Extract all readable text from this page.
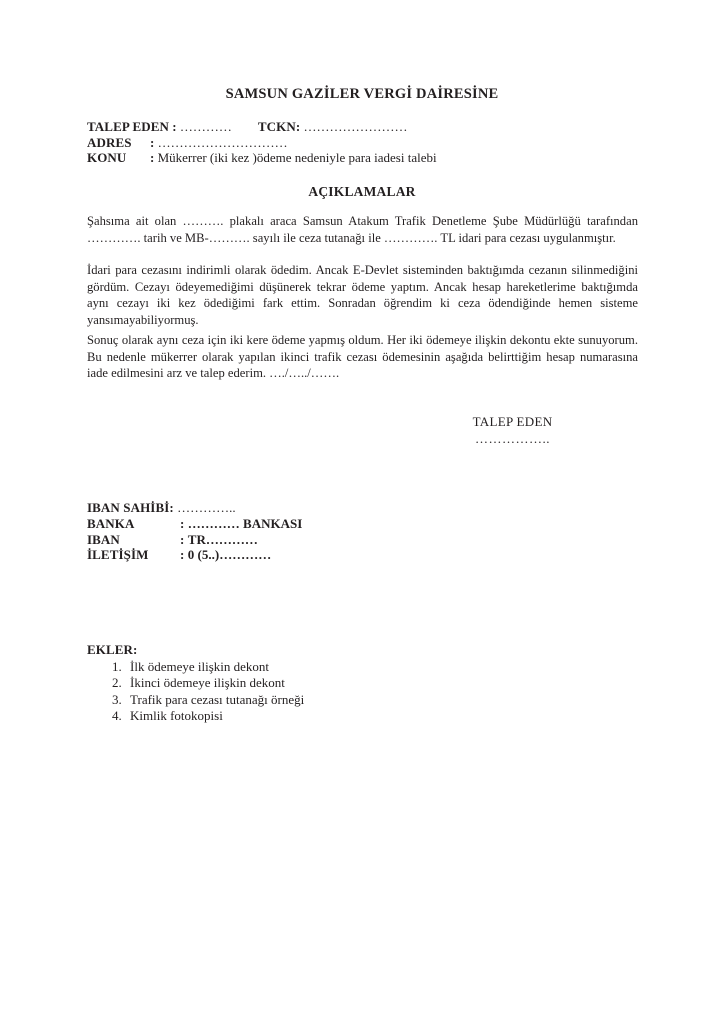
SAMSUN GAZİLER VERGİ DAİRESİNE
TALEP EDEN : ………… TCKN: ……………………
ADRES	: …………………………
KONU	: Mükerrer (iki kez )ödeme nedeniyle para iadesi talebi
AÇIKLAMALAR
Şahsıma ait olan ………. plakalı araca Samsun Atakum Trafik Denetleme Şube Müdürlüğü tarafından …………. tarih ve MB-………. sayılı ile ceza tutanağı ile …………. TL idari para cezası uygulanmıştır.
İdari para cezasını indirimli olarak ödedim. Ancak E-Devlet sisteminden baktığımda cezanın silinmediğini gördüm. Cezayı ödeyemediğimi düşünerek tekrar ödeme yaptım. Ancak hesap hareketlerime baktığımda aynı cezayı iki kez ödediğimi fark ettim. Sonradan öğrendim ki ceza ödendiğinde hemen sisteme yansımayabiliyormuş.
Sonuç olarak aynı ceza için iki kere ödeme yapmış oldum. Her iki ödemeye ilişkin dekontu ekte sunuyorum. Bu nedenle mükerrer olarak yapılan ikinci trafik cezası ödemesinin aşağıda belirttiğim hesap numarasına iade edilmesini arz ve talep ederim. …./…../…….
TALEP EDEN
……………..
IBAN SAHİBİ: …………..
BANKA	: ………… BANKASI
IBAN	: TR…………
İLETİŞİM	: 0 (5..)…………
EKLER:
1. İlk ödemeye ilişkin dekont
2. İkinci ödemeye ilişkin dekont
3. Trafik para cezası tutanağı örneği
4. Kimlik fotokopisi
